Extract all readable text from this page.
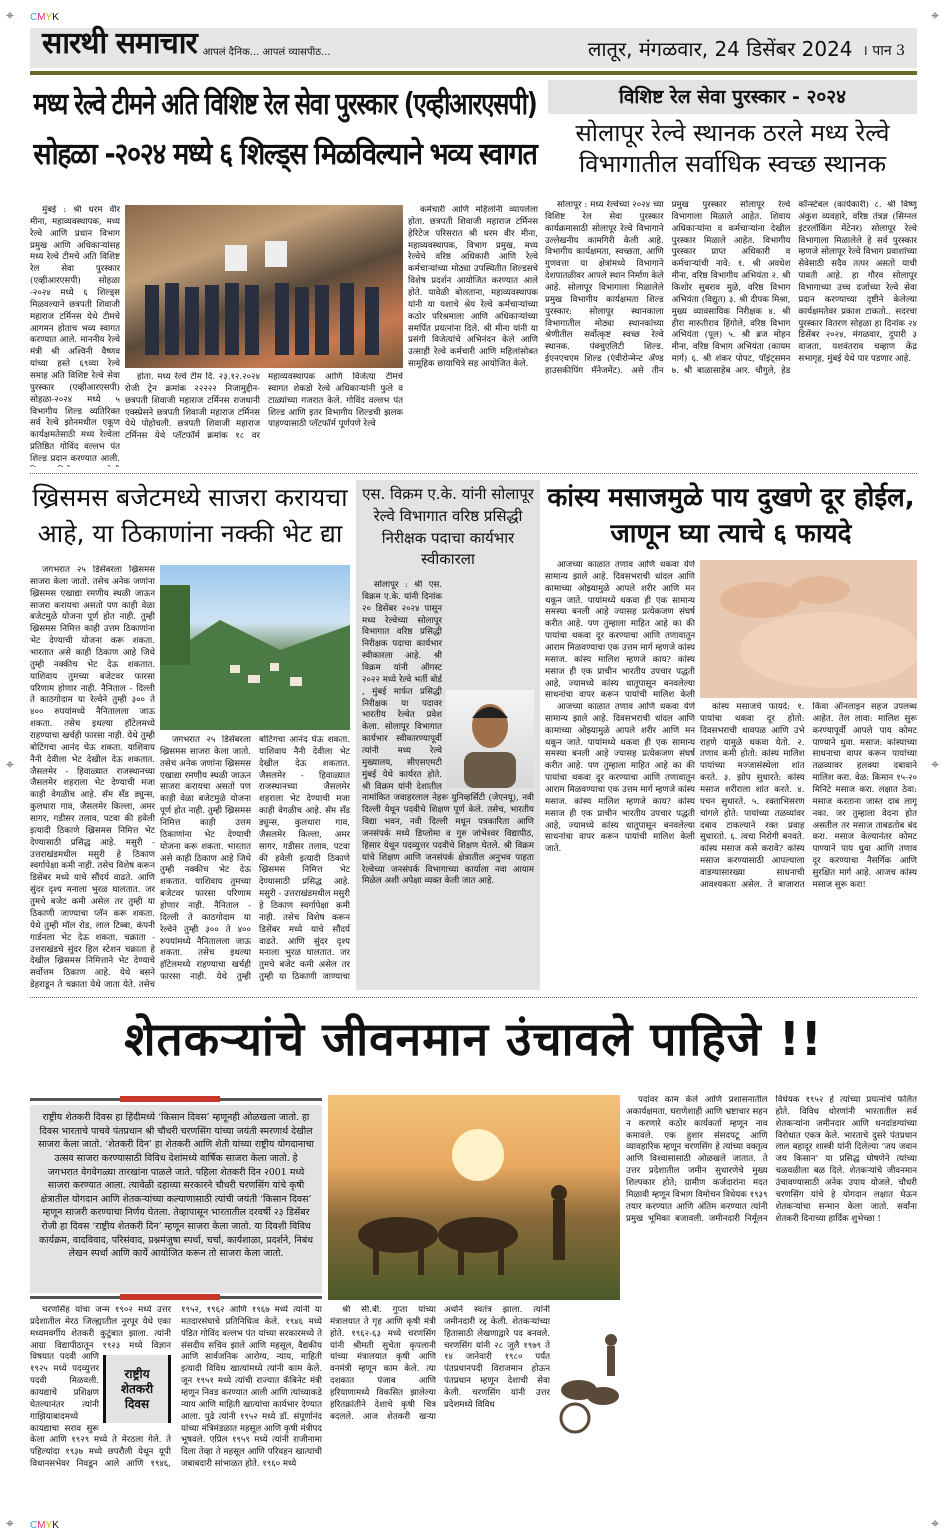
CMYK
⌖	⌖
⌖	⌖
CMYK
⌖	⌖
सारथी समाचार आपलं दैनिक... आपलं व्यासपीठ...	लातूर, मंगळवार, 24 डिसेंबर 2024 । पान 3
मध्य रेल्वे टीमने अति विशिष्ट रेल सेवा पुरस्कार (एव्हीआरएसपी)
सोहळा -२०२४ मध्ये ६ शिल्ड्स मिळविल्याने भव्य स्वागत

मुंबई : श्री धरम वीर मीना, महाव्यवस्थापक, मध्य रेल्वे आणि प्रधान विभाग प्रमुख आणि अधिकाऱ्यांसह मध्य रेल्वे टीमचे अति विशिष्ट रेल सेवा पुरस्कार (एव्हीआरएसपी) सोहळा -२०२४ मध्ये ६ शिल्ड्स मिळवल्याने छत्रपती शिवाजी महाराज टर्मिनस येथे टीमचे आगमन होताच भव्य स्वागत करण्यात आले. माननीय रेल्वे मंत्री श्री अश्विनी वैष्णव यांच्या हस्ते ६९व्या रेल्वे समाह अति विशिष्ट रेल्वे सेवा पुरस्कार (एव्हीआरएसपी) सोहळा-२०२४ मध्ये ५ विभागीय शिल्ड व्यतिरिक्त सर्व रेल्वे झोनमधील एकूण कार्यक्षमतेसाठी मध्य रेल्वेला प्रतिष्ठित गोविंद वल्लभ पंत शिल्ड प्रदान करण्यात आली.

होता. मध्य रेल्वे टीम दि. २३.१२.२०२४ रोजी ट्रेन क्रमांक २२२२२ निजामुद्दीन- छत्रपती शिवाजी महाराज टर्मिनस राजधानी एक्स्प्रेसने छत्रपती शिवाजी महाराज टर्मिनस येथे पोहोचली. छत्रपती शिवाजी महाराज टर्मिनस येथे प्लॅटफॉर्म क्रमांक १८ वर महाव्यवस्थापक आणि विजेत्या टीमचे स्वागत शेकडो रेल्वे अधिकाऱ्यांनी फुले व टाळ्यांच्या गजरात केले. गोविंद वल्लभ पंत शिल्ड आणि इतर विभागीय शिल्डची झलक पाहण्यासाठी प्लॅटफॉर्म पूर्णपणे रेल्वे

कर्मचारी आणि महिलांनी व्यापलेला होता. छत्रपती शिवाजी महाराज टर्मिनस हेरिटेज परिसरात श्री धरम वीर मीना, महाव्यवस्थापक, विभाग प्रमुख, मध्य रेल्वेचे वरिष्ठ अधिकारी आणि रेल्वे कर्मचाऱ्यांच्या मोठ्या उपस्थितीत शिल्डसचे विशेष प्रदर्शन आयोजित करण्यात आले होते. यावेळी बोलताना, महाव्यवस्थापक यांनी या यशाचे श्रेय रेल्वे कर्मचाऱ्यांच्या कठोर परिश्रमाला आणि अधिकाऱ्यांच्या समर्पित प्रयत्नांना दिले. श्री मीना यांनी या प्रसंगी विजेत्यांचे अभिनंदन केले आणि उत्साही रेल्वे कर्मचारी आणि महिलांसोबत सामूहिक छायाचित्रे सह आयोजित केले.

विशिष्ट रेल सेवा पुरस्कार - २०२४
सोलापूर रेल्वे स्थानक ठरले मध्य रेल्वे विभागातील सर्वाधिक स्वच्छ स्थानक

सोलापूर : मध्य रेल्वेच्या २०२४ च्या विशिष्ट रेल सेवा पुरस्कार कार्यक्रमासाठी सोलापूर रेल्वे विभागाने उल्लेखनीय कामगिरी केली आहे. विभागीय कार्यक्षमता, स्वच्छता, आणि गुणवत्ता या क्षेत्रांमध्ये विभागाने देशपातळीवर आपले स्थान निर्माण केले आहे. सोलापूर विभागाला मिळालेले प्रमुख विभागीय कार्यक्षमता शिल्ड पुरस्कार: सोलापूर स्थानकाला विभागातील मोठ्या स्थानकांच्या श्रेणीतील सर्वोत्कृष्ट स्वच्छ रेल्वे स्थानक. पंक्चुएलिटी शिल्ड. ईएनएचएम शिल्ड (एंवीरोन्मेन्ट ॲण्ड हाउसकीपिंग मॅनेजमेंट). असे तीन प्रमुख पुरस्कार सोलापूर रेल्वे विभागाला मिळाले आहेत. शिवाय अधिकाऱ्यांना व कर्मचाऱ्यांना देखील पुरस्कार मिळाले आहेत. विभागीय पुरस्कार प्राप्त अधिकारी व कर्मचाऱ्यांची नावे: १. श्री अवधेश मीना, वरिष्ठ विभागीय अभियंता २. श्री किशोर सुबराव मुळे, वरिष्ठ विभाग अभियंता (विद्युत) ३. श्री दीपक मिश्रा, मुख्य व्यावसायिक निरीक्षक ४. श्री हीरा मारुतीराव हिंगोले, वरिष्ठ विभाग अभियंता (पूल) ५. श्री ब्रज मोहन मीना, वरिष्ठ विभाग अभियंता (कायम मार्ग) ६. श्री शंकर पोपट, पॉइंट्समन ७. श्री बाळासाहेब आर. चौगुले, हेड कॉन्स्टेबल (कार्यकारी) ८. श्री विष्णू अंकुश व्यवहारे, वरिष्ठ तंत्रज्ञ (सिग्नल इंटरलॉकिंग मेंटेनर) सोलापूर रेल्वे विभागाला मिळालेले हे सर्व पुरस्कार म्हणजे सोलापूर रेल्वे विभाग प्रवाशांच्या सेवेसाठी सदैव तत्पर असतो याची पावती आहे. हा गौरव सोलापूर विभागाच्या उच्च दर्जाच्या रेल्वे सेवा प्रदान करण्याच्या दृष्टीने केलेल्या कार्यक्षमतेवर प्रकाश टाकतो.. सदरचा पुरस्कार वितरण सोहळा हा दिनांक २४ डिसेंबर २०२४, मंगळवार, दुपारी ३ वाजता, यशवंतराव चव्हाण केंद्र सभागृह, मुंबई येथे पार पडणार आहे.

ख्रिसमस बजेटमध्ये साजरा करायचा आहे, या ठिकाणांना नक्की भेट द्या

जगभरात २५ डिसेंबरला ख्रिसमस साजरा केला जातो. तसेच अनेक जणांना ख्रिसमस एखाद्या रमणीय स्थळी जाऊन साजरा करायचा असतो पण काही वेळा बजेटमुळे योजना पूर्ण होत नाही. तुम्ही ख्रिसमस निमित्त काही उत्तम ठिकाणांना भेट देण्याची योजना करू शकता. भारतात असे काही ठिकाण आहे जिथे तुम्ही नक्कीच भेट देऊ शकतात. याशिवाय तुमच्या बजेटवर फारसा परिणाम होणार नाही. नैनिताल - दिल्ली ते काठगोदाम या रेल्वेने तुम्ही ३०० ते ४०० रुपयांमध्ये नैनितालला जाऊ शकता. तसेच इथल्या हॉटेलमध्ये राहण्याचा खर्चही फारसा नाही. येथे तुम्ही बोटिंगचा आनंद घेऊ शकता. याशिवाय नैनी देवीला भेट देखील देऊ शकतात. जैसलमेर - हिवाळ्यात राजस्थानच्या जैसलमेर शहराला भेट देण्याची मजा काही वेगळीच आहे. सॅम सँड ड्युन्स, कुलधारा गाव, जैसलमेर किल्ला, अमर सागर, गडीसर तलाव, पटवा की हवेली इत्यादी ठिकाणे ख्रिसमस निमित्त भेट देण्यासाठी प्रसिद्ध आहे. मसुरी - उत्तराखंडमधील मसुरी हे ठिकाण स्वर्गापेक्षा कमी नाही. तसेच विशेष करून डिसेंबर मध्ये याचे सौंदर्य वाढते. आणि सुंदर दृश्य मनाला भुरळ घालतात. जर तुमचे बजेट कमी असेल तर तुम्ही या ठिकाणी जाण्याचा प्लॅन करू शकता. येथे तुम्ही मॉल रोड, लाल टिब्बा, कंपनी गार्डनला भेट देऊ शकता. चक्राता - उत्तराखंडचे सुंदर हिल स्टेशन चक्राता हे देखील ख्रिसमस निमित्ताने भेट देण्याचे सर्वोत्तम ठिकाण आहे. येथे बसने डेहराडून ते चक्राता येथे जाता येते. तसेच

जगभरात २५ डिसेंबरला ख्रिसमस साजरा केला जातो. तसेच अनेक जणांना ख्रिसमस एखाद्या रमणीय स्थळी जाऊन साजरा करायचा असतो पण काही वेळा बजेटमुळे योजना पूर्ण होत नाही. तुम्ही ख्रिसमस निमित्त काही उत्तम ठिकाणांना भेट देण्याची योजना करू शकता. भारतात असे काही ठिकाण आहे जिथे तुम्ही नक्कीच भेट देऊ शकतात. याशिवाय तुमच्या बजेटवर फारसा परिणाम होणार नाही. नैनिताल - दिल्ली ते काठगोदाम या रेल्वेने तुम्ही ३०० ते ४०० रुपयांमध्ये नैनितालला जाऊ शकता. तसेच इथल्या हॉटेलमध्ये राहण्याचा खर्चही फारसा नाही. येथे तुम्ही बोटिंगचा आनंद घेऊ शकता. याशिवाय नैनी देवीला भेट देखील देऊ शकतात. जैसलमेर - हिवाळ्यात राजस्थानच्या जैसलमेर शहराला भेट देण्याची मजा काही वेगळीच आहे. सॅम सँड ड्युन्स, कुलधारा गाव, जैसलमेर किल्ला, अमर सागर, गडीसर तलाव, पटवा की हवेली इत्यादी ठिकाणे ख्रिसमस निमित्त भेट देण्यासाठी प्रसिद्ध आहे. मसुरी - उत्तराखंडमधील मसुरी हे ठिकाण स्वर्गापेक्षा कमी नाही. तसेच विशेष करून डिसेंबर मध्ये याचे सौंदर्य वाढते. आणि सुंदर दृश्य मनाला भुरळ घालतात. जर तुमचे बजेट कमी असेल तर तुम्ही या ठिकाणी जाण्याचा

एस. विक्रम ए.के. यांनी सोलापूर रेल्वे विभागात वरिष्ठ प्रसिद्धी निरीक्षक पदाचा कार्यभार स्वीकारला

सोलापूर : श्री एस. विक्रम ए.के. यांनी दिनांक २० डिसेंबर २०२४ पासून मध्य रेल्वेच्या सोलापूर विभागात वरिष्ठ प्रसिद्धी निरीक्षक पदाचा कार्यभार स्वीकारला आहे. श्री विक्रम यांनी ऑगस्ट २०२२ मध्ये रेल्वे भर्ती बोर्ड , मुंबई मार्फत प्रसिद्धी निरीक्षक या पदावर भारतीय रेल्वेत प्रवेश केला. सोलापूर विभागात कार्यभार स्वीकारण्यापूर्वी त्यांनी मध्य रेल्वे मुख्यालय, सीएसएमटी मुंबई येथे कार्यरत होते. श्री विक्रम यांनी देशातील नामांकित जवाहरलाल नेहरू युनिव्हर्सिटी (जेएनयू), नवी दिल्ली येथून पदवीचे शिक्षण पूर्ण केले. तसेच, भारतीय विद्या भवन, नवी दिल्ली मधून पत्रकारिता आणि जनसंपर्क मध्ये डिप्लोमा व गुरु जांभेश्वर विद्यापीठ, हिसार येथून पदव्युत्तर पदवीचे शिक्षण घेतले. श्री विक्रम यांचे शिक्षण आणि जनसंपर्क क्षेत्रातील अनुभव पाहता रेल्वेच्या जनसंपर्क विभागाच्या कार्याला नवा आयाम मिळेल अशी अपेक्षा व्यक्त केली जात आहे.

कांस्य मसाजमुळे पाय दुखणे दूर होईल, जाणून घ्या त्याचे ६ फायदे

आजच्या काळात तणाव आणि थकवा येणे सामान्य झाले आहे. दिवसभराची धांदल आणि कामाच्या ओझ्यामुळे आपले शरीर आणि मन थकून जाते. पायांमध्ये थकवा ही एक सामान्य समस्या बनली आहे ज्यासह प्रत्येकजण संघर्ष करीत आहे. पण तुम्हाला माहित आहे का की पायांचा थकवा दूर करण्याचा आणि तणावातून आराम मिळवण्याचा एक उत्तम मार्ग म्हणजे कांस्य मसाज. कांस्य मालिश म्हणजे काय? कांस्य मसाज ही एक प्राचीन भारतीय उपचार पद्धती आहे, ज्यामध्ये कांस्य धातूपासून बनवलेल्या साधनांचा वापर करून पायांची मालिश केली

आजच्या काळात तणाव आणि थकवा येणे सामान्य झाले आहे. दिवसभराची धांदल आणि कामाच्या ओझ्यामुळे आपले शरीर आणि मन थकून जाते. पायांमध्ये थकवा ही एक सामान्य समस्या बनली आहे ज्यासह प्रत्येकजण संघर्ष करीत आहे. पण तुम्हाला माहित आहे का की पायांचा थकवा दूर करण्याचा आणि तणावातून आराम मिळवण्याचा एक उत्तम मार्ग म्हणजे कांस्य मसाज. कांस्य मालिश म्हणजे काय? कांस्य मसाज ही एक प्राचीन भारतीय उपचार पद्धती आहे, ज्यामध्ये कांस्य धातूपासून बनवलेल्या साधनांचा वापर करून पायांची मालिश केली जाते.

कांस्य मसाजचे फायदे: १. पायांचा थकवा दूर होतो: दिवसभराची धावपळ आणि उभे राहणे यामुळे थकवा येतो. २. तणाव कमी होतो: कांस्य मालिश पायांच्या मज्जासंस्थेला शांत करते. ३. झोप सुधारते: कांस्य मसाज शरीराला शांत करते. ४. पचन सुधारते. ५. रक्ताभिसरण चांगले होते: पायांच्या तळव्यांवर दबाव टाकल्याने रक्त प्रवाह सुधारतो. ६. त्वचा निरोगी बनवते. कांस्य मसाज कसे करावे? कांस्य मसाज करण्यासाठी आपल्याला वाडग्यासारख्या साधनाची आवश्यकता असेल. ते बाजारात किंवा ऑनलाइन सहज उपलब्ध आहेत. तेल लावा: मालिश सुरू करण्यापूर्वी आपले पाय कोमट पाण्याने धुवा. मसाज: कांस्याच्या साधनाचा वापर करून पायांच्या तळव्यावर हलक्या दबावाने मालिश करा. वेळ: किमान १५-२० मिनिटे मसाज करा. लक्षात ठेवा: मसाज करताना जास्त दाब लागू नका. जर तुम्हाला वेदना होत असतील तर मसाज ताबडतोब बंद करा. मसाज केल्यानंतर कोमट पाण्याने पाय धुवा आणि तणाव दूर करण्याचा नैसर्गिक आणि सुरक्षित मार्ग आहे. आजच कांस्य मसाज सुरू करा!

शेतकऱ्यांचे जीवनमान उंचावले पाहिजे !!
राष्ट्रीय शेतकरी दिवस हा हिंदीमध्ये ‘किसान दिवस’ म्हणूनही ओळखला जातो. हा दिवस भारताचे पाचवे पंतप्रधान श्री चौधरी चरणसिंग यांच्या जयंती स्मरणार्थ देखील साजरा केला जातो. ‘शेतकरी दिन’ हा शेतकरी आणि शेती यांच्या राष्ट्रीय योगदानाचा उत्सव साजरा करण्यासाठी विविध देशांमध्ये वार्षिक साजरा केला जातो. हे जगभरात वेगवेगळ्या तारखांना पाळले जाते. पहिला शेतकरी दिन २001 मध्ये साजरा करण्यात आला. त्यावेळी दहाव्या सरकारने चौधरी चरणसिंग यांचे कृषी क्षेत्रातील योगदान आणि शेतकऱ्यांच्या कल्याणासाठी त्यांची जयंती ‘किसान दिवस’ म्हणून साजरी करण्याचा निर्णय घेतला. तेव्हापासून भारतातील दरवर्षी २३ डिसेंबर रोजी हा दिवस ‘राष्ट्रीय शेतकरी दिन’ म्हणून साजरा केला जातो. या दिवशी विविध कार्यक्रम, वादविवाद, परिसंवाद, प्रश्नमंजुषा स्पर्धा, चर्चा, कार्यशाळा, प्रदर्शने, निबंध लेखन स्पर्धा आणि कार्ये आयोजित करून तो साजरा केला जातो.
राष्ट्रीय शेतकरी दिवस

चरणसिंह यांचा जन्म १९०२ मध्ये उत्तर प्रदेशातील मेरठ जिल्ह्यातील नूरपूर येथे एका मध्यमवर्गीय शेतकरी कुटुंबात झाला. त्यांनी आग्रा विद्यापीठातून १९२३ मध्ये विज्ञान विषयात पदवी आणि १९२५ मध्ये पदव्युत्तर पदवी मिळवली. कायद्याचे प्रशिक्षण घेतल्यानंतर त्यांनी गाझियाबादमध्ये कायद्याचा सराव सुरू केला आणि १९२९ मध्ये ते मेरठला गेले. ते पहिल्यांदा १९३७ मध्ये छपरौली येथून यूपी विधानसभेवर निवडून आले आणि १९४६, १९५२, १९६२ आणि १९६७ मध्ये त्यांनी या मतदारसंघाचे प्रतिनिधित्व केले. १९४६ मध्ये पंडित गोविंद वल्लभ पंत यांच्या सरकारमध्ये ते संसदीय सचिव झाले आणि महसूल, वैद्यकीय आणि सार्वजनिक आरोग्य, न्याय, माहिती इत्यादी विविध खात्यांमध्ये त्यांनी काम केले. जून १९५१ मध्ये त्यांची राज्यात कॅबिनेट मंत्री म्हणून निवड करण्यात आली आणि त्यांच्याकडे न्याय आणि माहिती खात्यांचा कार्यभार देण्यात आला. पुढे त्यांनी १९५२ मध्ये डॉ. संपूर्णानंद यांच्या मंत्रिमंडळात महसूल आणि कृषी मंत्रीपद भूषवले. एप्रिल १९५९ मध्ये त्यांनी राजीनामा दिला तेव्हा ते महसूल आणि परिवहन खात्याची जबाबदारी सांभाळत होते. १९६० मध्ये

श्री सी.बी. गुप्ता यांच्या मंत्रालयात ते गृह आणि कृषी मंत्री होते. १९६२-६३ मध्ये चरणसिंग यांनी श्रीमती सुचेता कृपलानी यांच्या मंत्रालयात कृषी आणि वनमंत्री म्हणून काम केले. त्या दशकात पंजाब आणि हरियाणामध्ये विकसित झालेल्या हरितक्रांतीने देशाचे कृषी चित्र बदलले. आज शेतकरी खऱ्या अर्थाने स्वतंत्र झाला. त्यांनी जमीनदारी रद्द केली. शेतकऱ्यांच्या हितासाठी लेखणाद्वारे पद बनवले. चरणसिंग यांनी २८ जुलै १९७९ ते १४ जानेवारी १९८० पर्यंत पंतप्रधानपदी विराजमान होऊन पंतप्रधान म्हणून देशाची सेवा केली. चरणसिंग यांनी उत्तर प्रदेशमध्ये विविध

पदांवर काम केले आणि प्रशासनातील अकार्यक्षमता, घराणेशाही आणि भ्रष्टाचार सहन न करणारे कठोर कार्यकर्ता म्हणून नाव कमावले. एक हुशार संसदपटू आणि व्यावहारिक म्हणून चरणसिंग हे त्यांच्या वक्तृत्व आणि विश्वासासाठी ओळखले जातात. ते उत्तर प्रदेशातील जमीन सुधारणेचे मुख्य शिल्पकार होते; ग्रामीण कर्जदारांना मदत मिळावी म्हणून विभाग विमोचन विधेयक १९३९ तयार करण्यात आणि अंतिम करण्यात त्यांनी प्रमुख भूमिका बजावली. जमीनदारी निर्मूलन विधेयक १९५२ हे त्यांच्या प्रयत्नांचे फलित होते. विविध धोरणांनी भारतातील सर्व शेतकऱ्यांना जमीनदार आणि धनदांडग्यांच्या विरोधात एकत्र केले. भारताचे दुसरे पंतप्रधान लाल बहादूर शास्त्री यांनी दिलेल्या ‘जय जवान जय किसान’ या प्रसिद्ध घोषणेने त्यांच्या चळवळीला बळ दिले. शेतकऱ्यांचे जीवनमान उंचावण्यासाठी अनेक उपाय योजले. चौधरी चरणसिंग यांचे हे योगदान लक्षात घेऊन शेतकऱ्यांचा सन्मान केला जातो. सर्वांना शेतकरी दिनाच्या हार्दिक शुभेच्छा !
